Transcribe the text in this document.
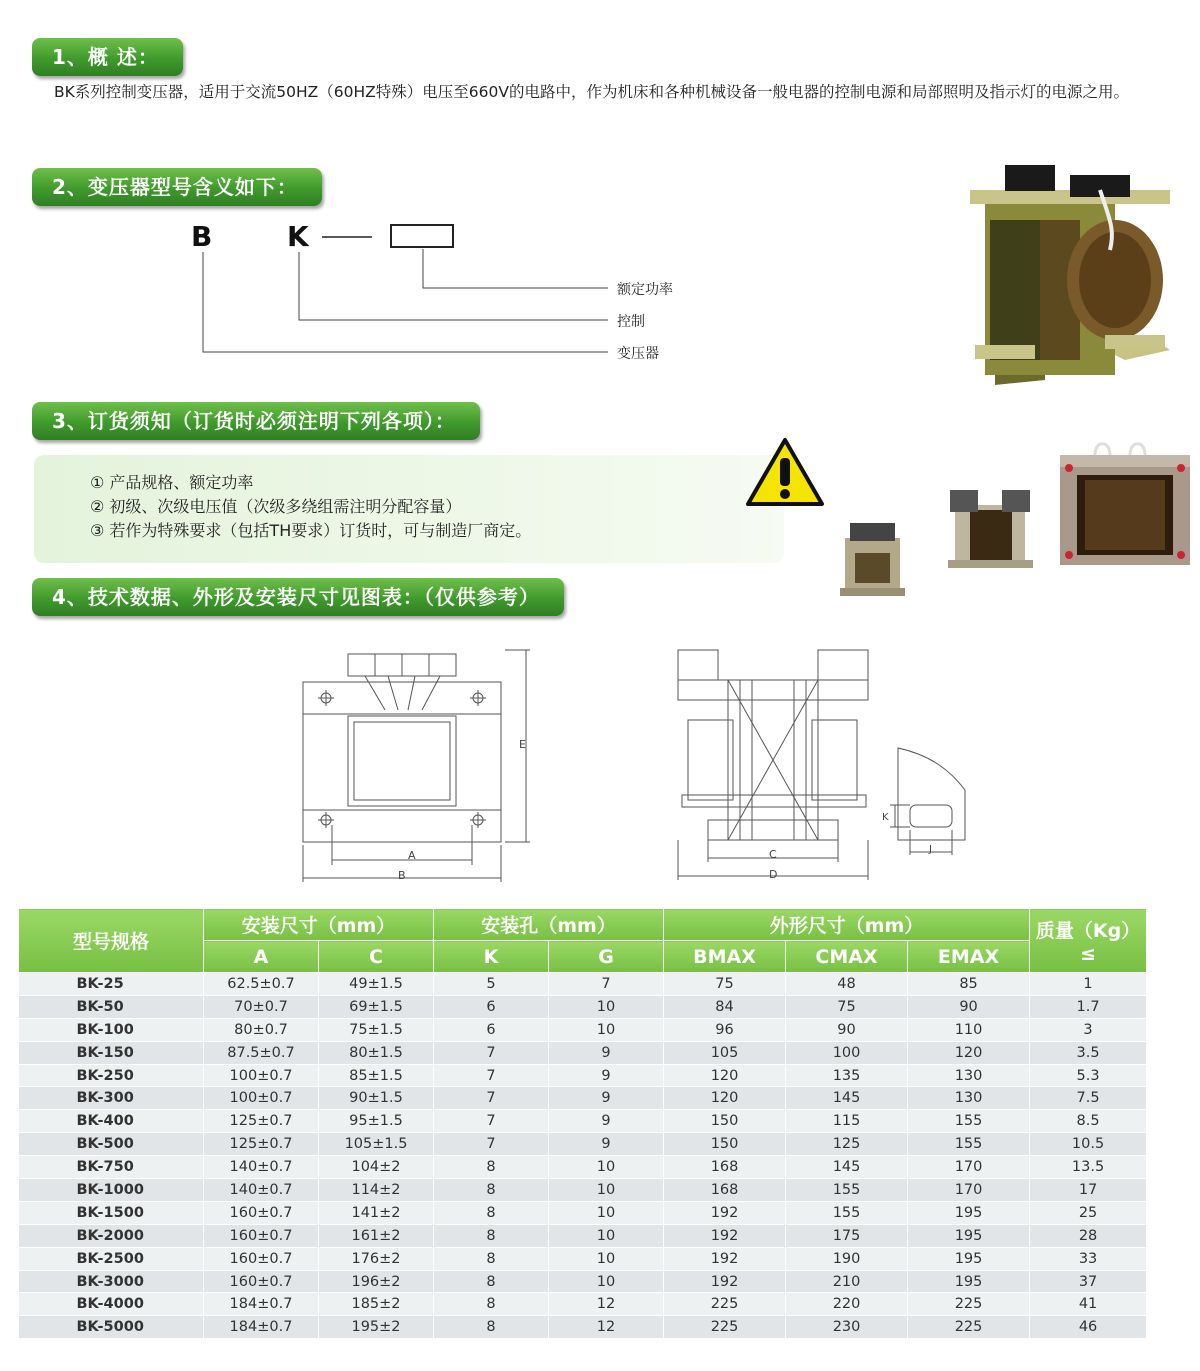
1、概 述：
BK系列控制变压器，适用于交流50HZ（60HZ特殊）电压至660V的电路中，作为机床和各种机械设备一般电器的控制电源和局部照明及指示灯的电源之用。
2、变压器型号含义如下：
B	K
额定功率
控制
变压器
3、订货须知（订货时必须注明下列各项）：
① 产品规格、额定功率
② 初级、次级电压值（次级多绕组需注明分配容量）
③ 若作为特殊要求（包括TH要求）订货时，可与制造厂商定。
4、技术数据、外形及安装尺寸见图表：（仅供参考）
A
B
E
C
D
K
J
型号规格	安装尺寸（mm）		安装孔（mm）		外形尺寸（mm）			质量（Kg）
≤

	A	C	K	G	BMAX	CMAX	EMAX	
BK-25	62.5±0.7	49±1.5	5	7	75	48	85	1
BK-50	70±0.7	69±1.5	6	10	84	75	90	1.7
BK-100	80±0.7	75±1.5	6	10	96	90	110	3
BK-150	87.5±0.7	80±1.5	7	9	105	100	120	3.5
BK-250	100±0.7	85±1.5	7	9	120	135	130	5.3
BK-300	100±0.7	90±1.5	7	9	120	145	130	7.5
BK-400	125±0.7	95±1.5	7	9	150	115	155	8.5
BK-500	125±0.7	105±1.5	7	9	150	125	155	10.5
BK-750	140±0.7	104±2	8	10	168	145	170	13.5
BK-1000	140±0.7	114±2	8	10	168	155	170	17
BK-1500	160±0.7	141±2	8	10	192	155	195	25
BK-2000	160±0.7	161±2	8	10	192	175	195	28
BK-2500	160±0.7	176±2	8	10	192	190	195	33
BK-3000	160±0.7	196±2	8	10	192	210	195	37
BK-4000	184±0.7	185±2	8	12	225	220	225	41
BK-5000	184±0.7	195±2	8	12	225	230	225	46
